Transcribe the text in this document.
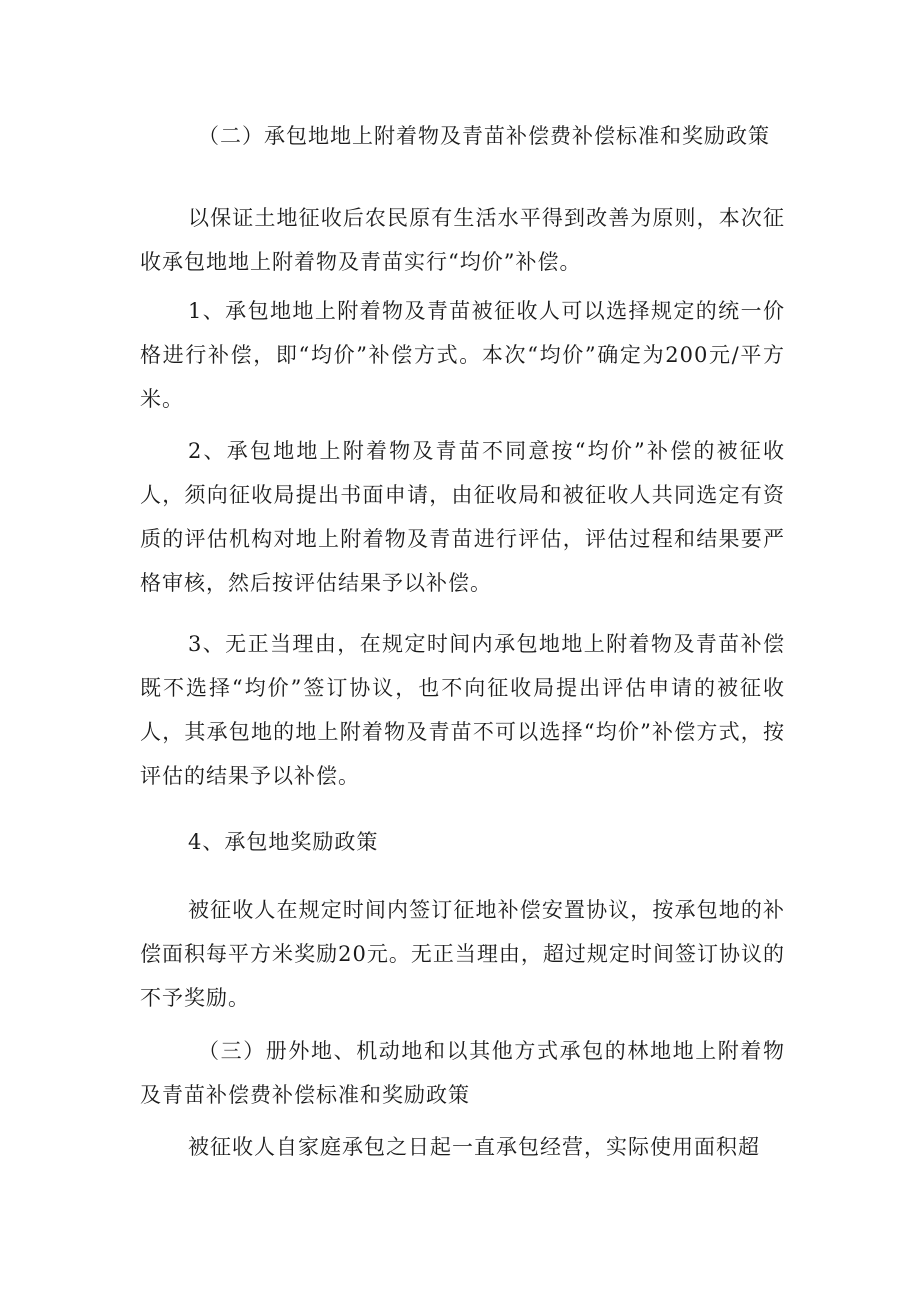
（二）承包地地上附着物及青苗补偿费补偿标准和奖励政策

以保证土地征收后农民原有生活水平得到改善为原则，本次征收承包地地上附着物及青苗实行“均价”补偿。

1、承包地地上附着物及青苗被征收人可以选择规定的统一价格进行补偿，即“均价”补偿方式。本次“均价”确定为200元/平方米。

2、承包地地上附着物及青苗不同意按“均价”补偿的被征收人，须向征收局提出书面申请，由征收局和被征收人共同选定有资质的评估机构对地上附着物及青苗进行评估，评估过程和结果要严格审核，然后按评估结果予以补偿。

3、无正当理由，在规定时间内承包地地上附着物及青苗补偿既不选择“均价”签订协议，也不向征收局提出评估申请的被征收人，其承包地的地上附着物及青苗不可以选择“均价”补偿方式，按评估的结果予以补偿。

4、承包地奖励政策

被征收人在规定时间内签订征地补偿安置协议，按承包地的补偿面积每平方米奖励20元。无正当理由，超过规定时间签订协议的不予奖励。

（三）册外地、机动地和以其他方式承包的林地地上附着物及青苗补偿费补偿标准和奖励政策

被征收人自家庭承包之日起一直承包经营，实际使用面积超
